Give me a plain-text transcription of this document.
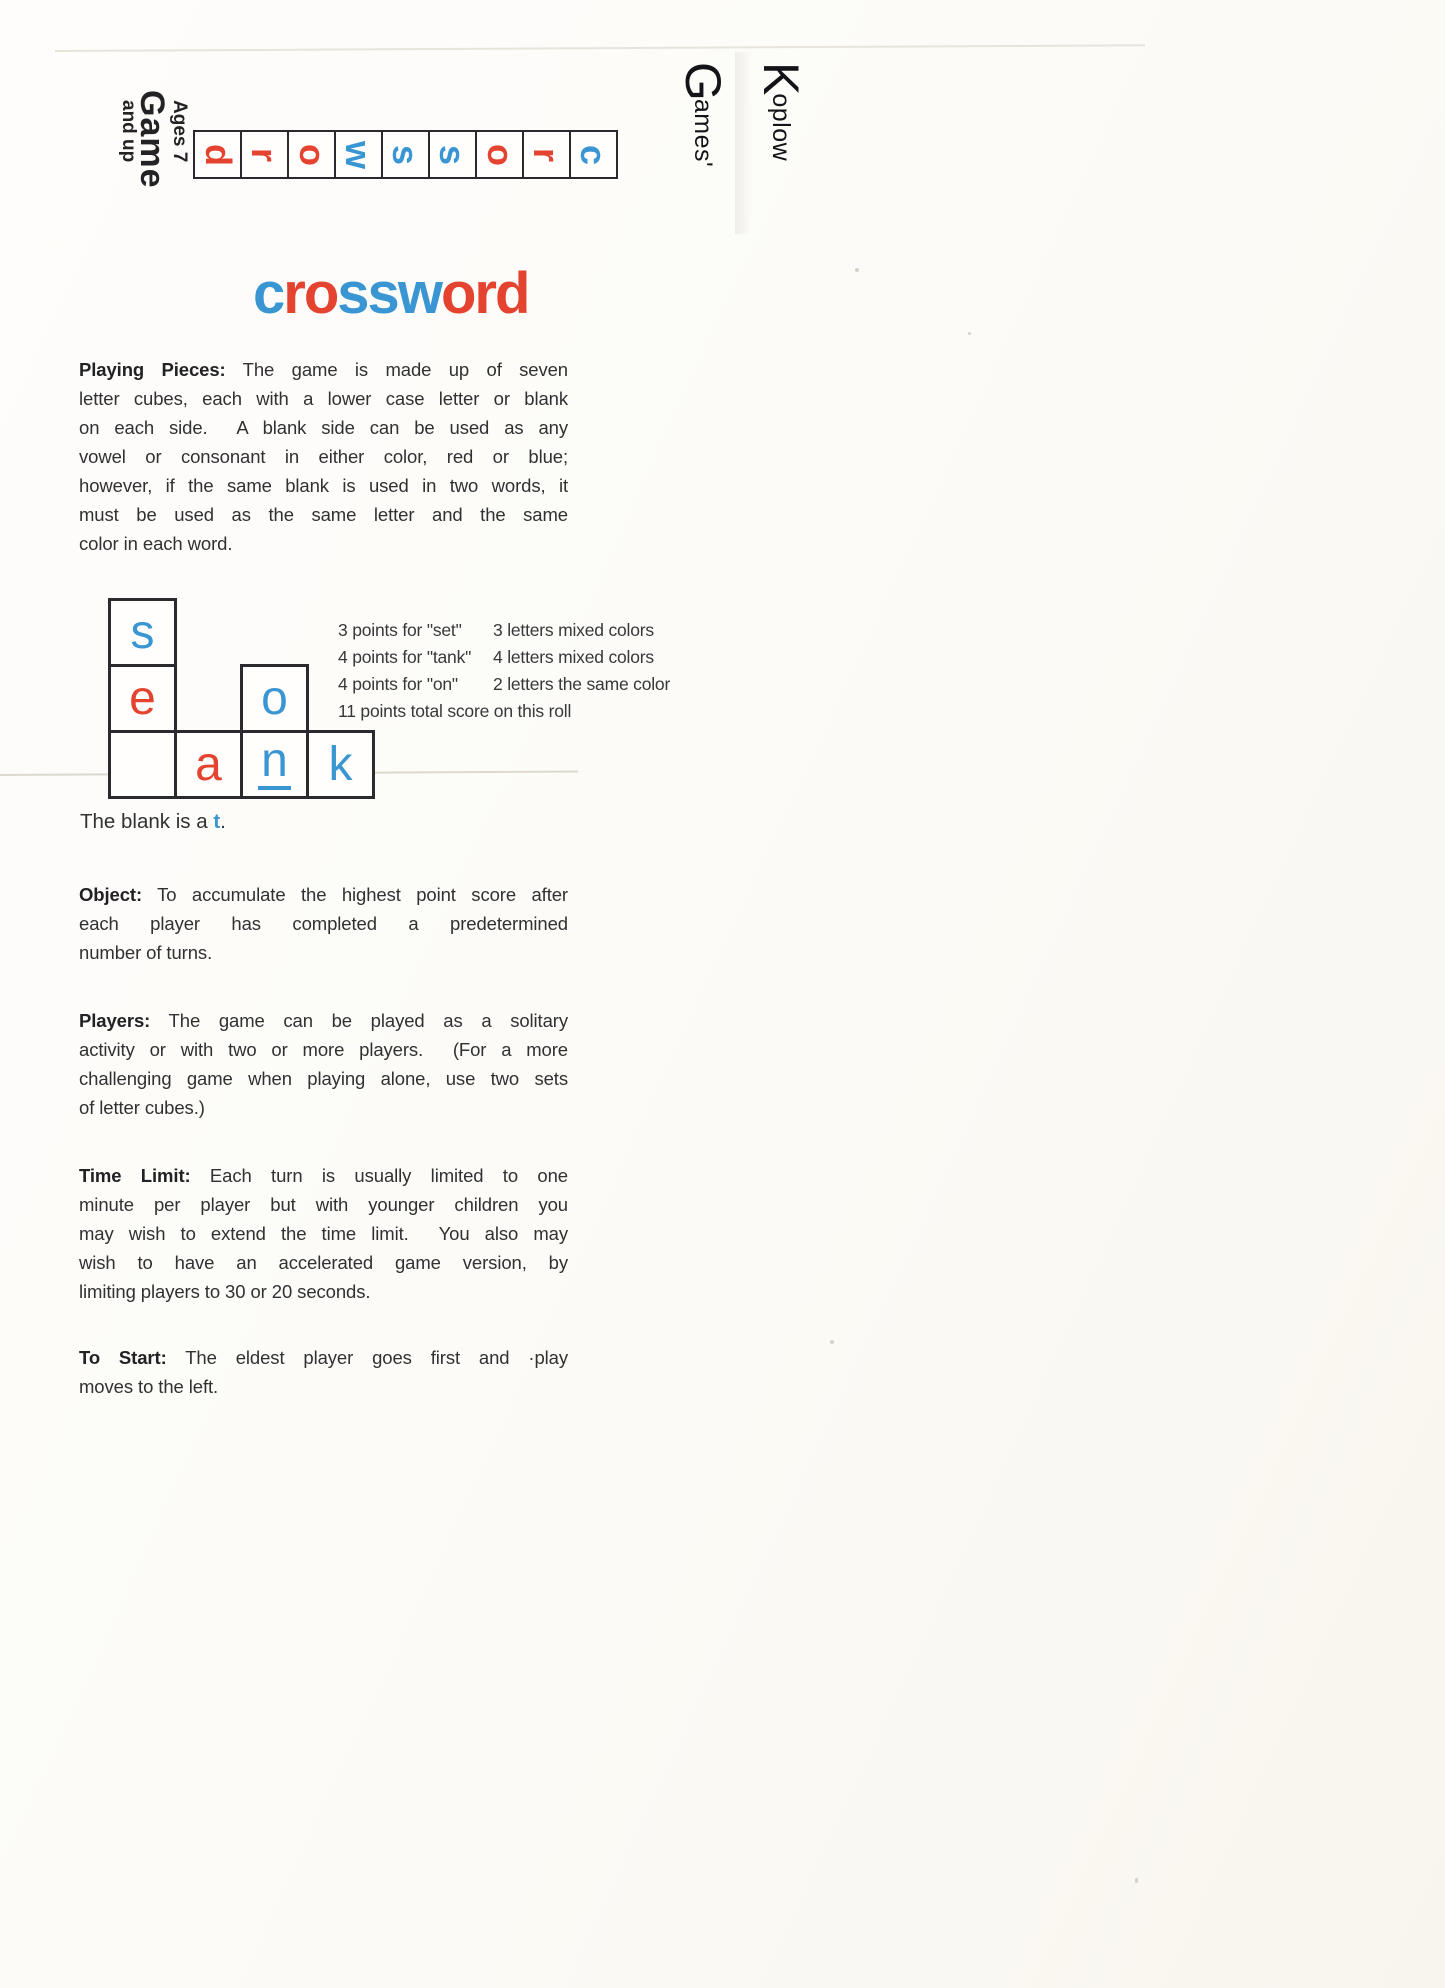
Ages 7

and up

Game d r o w s s o r c

Koplow

Games'

crossword
Playing Pieces: The game is made up of seven
letter cubes, each with a lower case letter or blank
on each side.  A blank side can be used as any
vowel or consonant in either color, red or blue;
however, if the same blank is used in two words, it
must be used as the same letter and the same
color in each word.
s
e o
a n k
3 points for "set" 3 letters mixed colors
4 points for "tank" 4 letters mixed colors
4 points for "on" 2 letters the same color
11 points total score on this roll
The blank is a t.
Object: To accumulate the highest point score after
each player has completed a predetermined
number of turns.
Players: The game can be played as a solitary
activity or with two or more players.  (For a more
challenging game when playing alone, use two sets
of letter cubes.)
Time Limit: Each turn is usually limited to one
minute per player but with younger children you
may wish to extend the time limit.  You also may
wish to have an accelerated game version, by
limiting players to 30 or 20 seconds.
To Start: The eldest player goes first and ·play
moves to the left.
